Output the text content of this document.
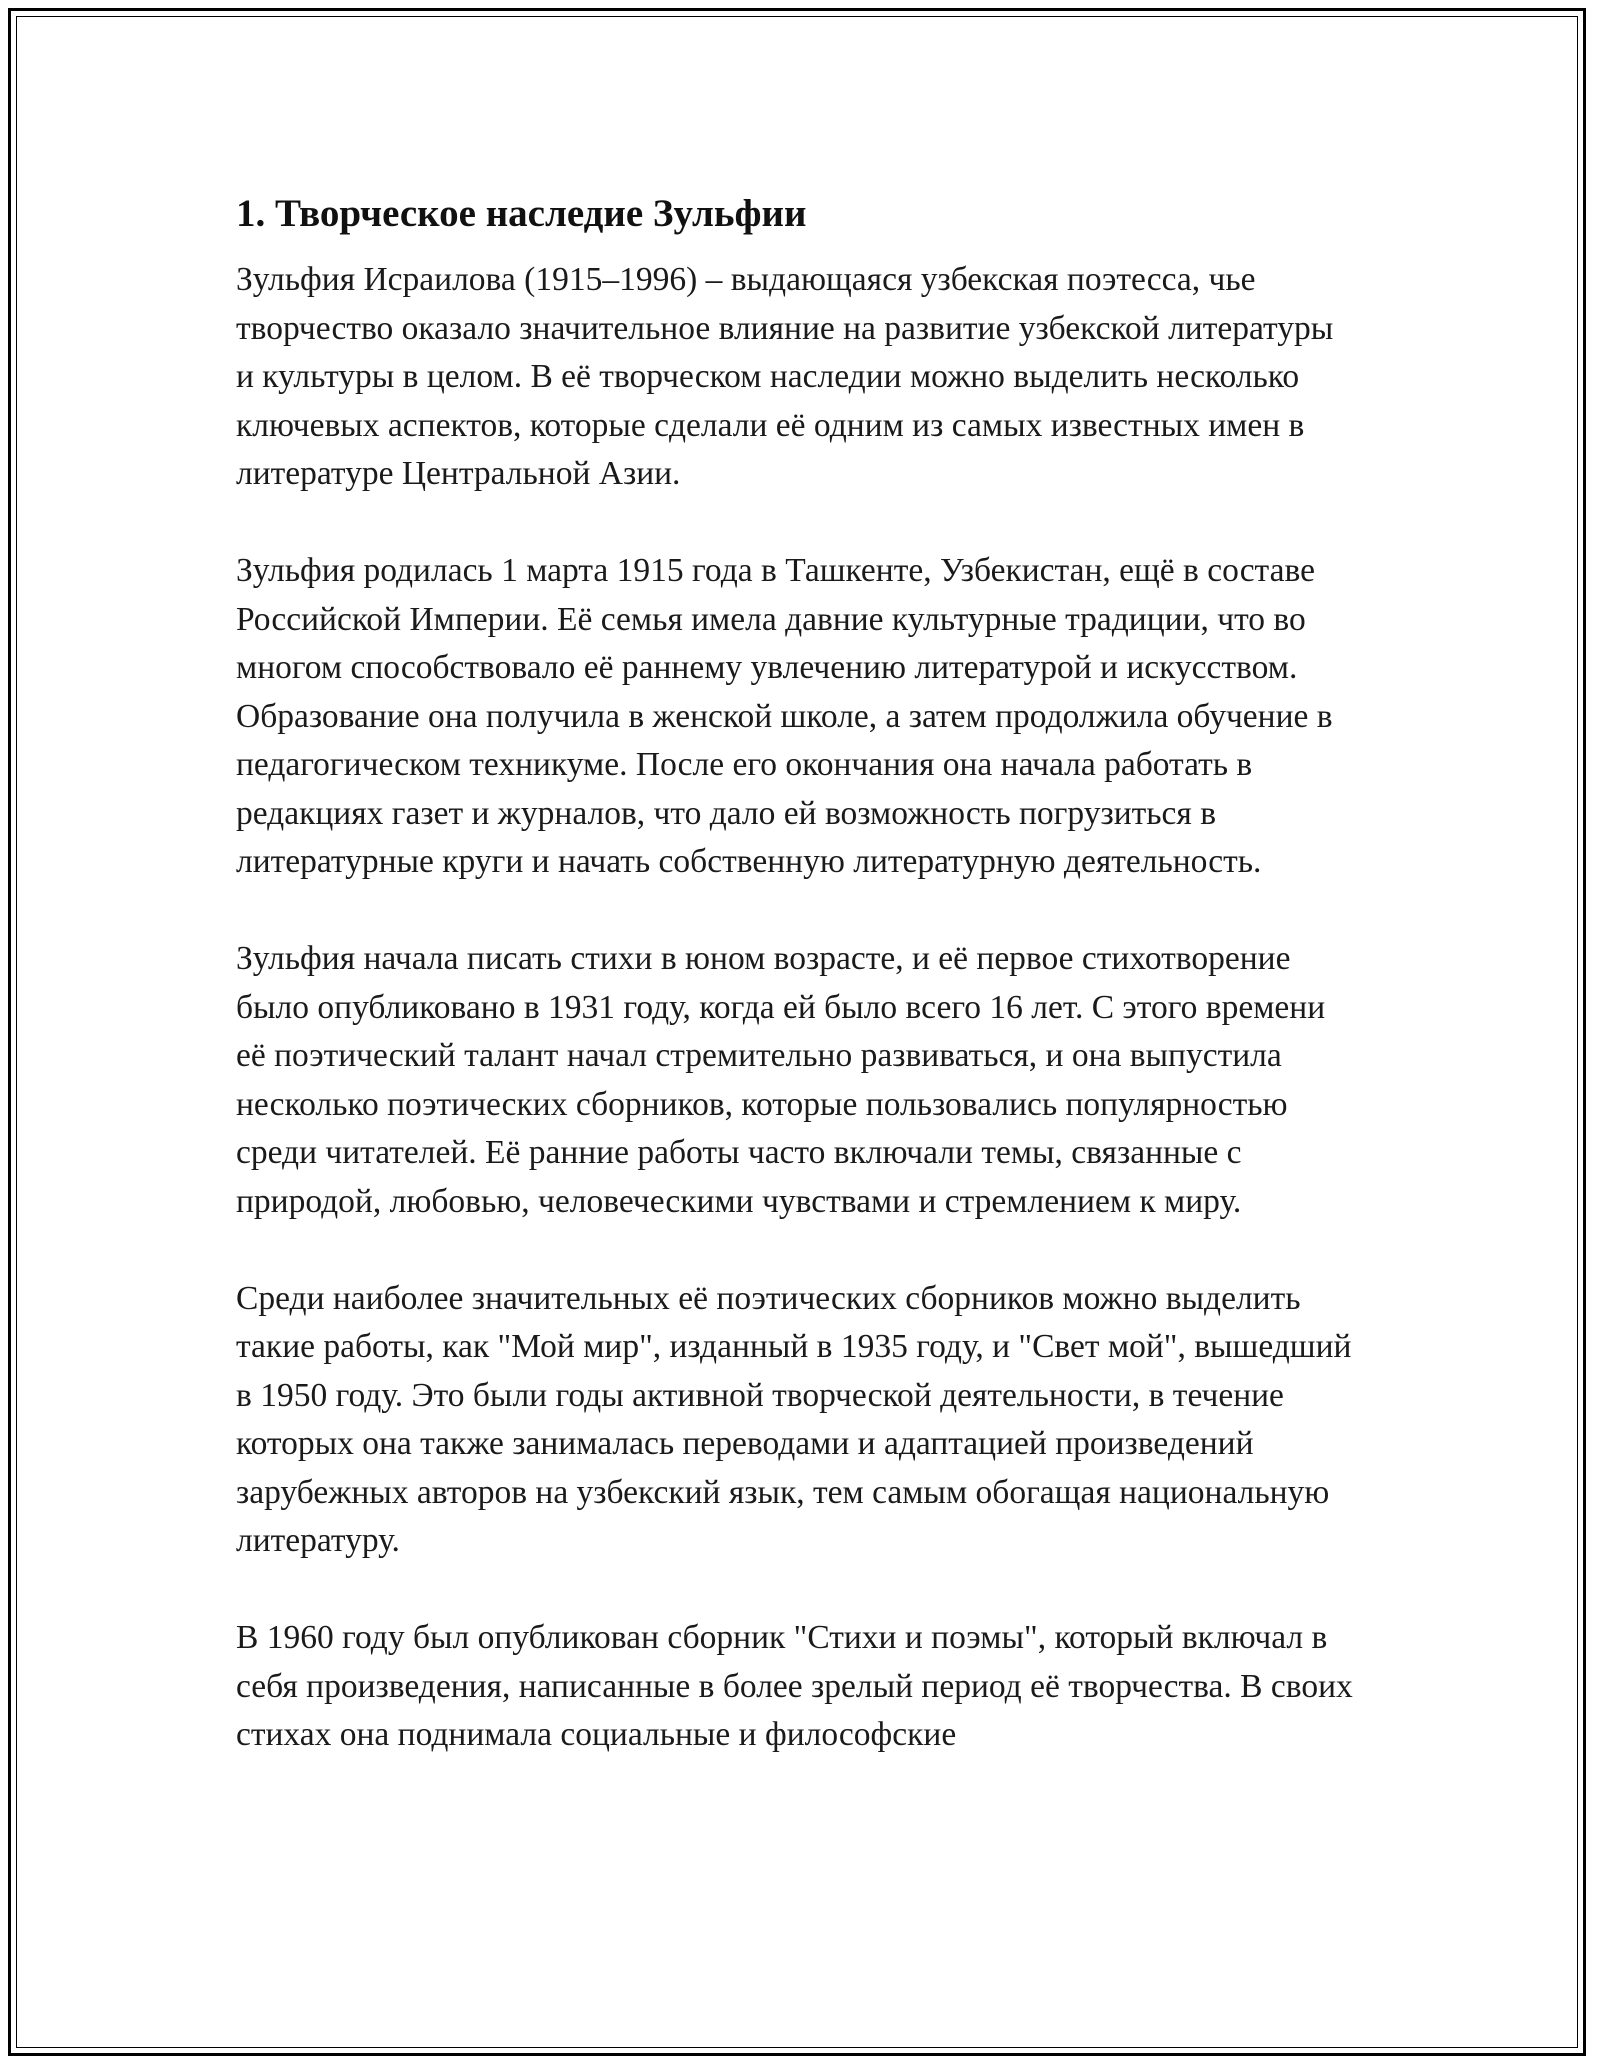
1. Творческое наследие Зульфии

Зульфия Исраилова (1915–1996) – выдающаяся узбекская поэтесса, чье творчество оказало значительное влияние на развитие узбекской литературы и культуры в целом. В её творческом наследии можно выделить несколько ключевых аспектов, которые сделали её одним из самых известных имен в литературе Центральной Азии.

Зульфия родилась 1 марта 1915 года в Ташкенте, Узбекистан, ещё в составе Российской Империи. Её семья имела давние культурные традиции, что во многом способствовало её раннему увлечению литературой и искусством. Образование она получила в женской школе, а затем продолжила обучение в педагогическом техникуме. После его окончания она начала работать в редакциях газет и журналов, что дало ей возможность погрузиться в литературные круги и начать собственную литературную деятельность.

Зульфия начала писать стихи в юном возрасте, и её первое стихотворение было опубликовано в 1931 году, когда ей было всего 16 лет. С этого времени её поэтический талант начал стремительно развиваться, и она выпустила несколько поэтических сборников, которые пользовались популярностью среди читателей. Её ранние работы часто включали темы, связанные с природой, любовью, человеческими чувствами и стремлением к миру.

Среди наиболее значительных её поэтических сборников можно выделить такие работы, как "Мой мир", изданный в 1935 году, и "Свет мой", вышедший в 1950 году. Это были годы активной творческой деятельности, в течение которых она также занималась переводами и адаптацией произведений зарубежных авторов на узбекский язык, тем самым обогащая национальную литературу.

В 1960 году был опубликован сборник "Стихи и поэмы", который включал в себя произведения, написанные в более зрелый период её творчества. В своих стихах она поднимала социальные и философские
